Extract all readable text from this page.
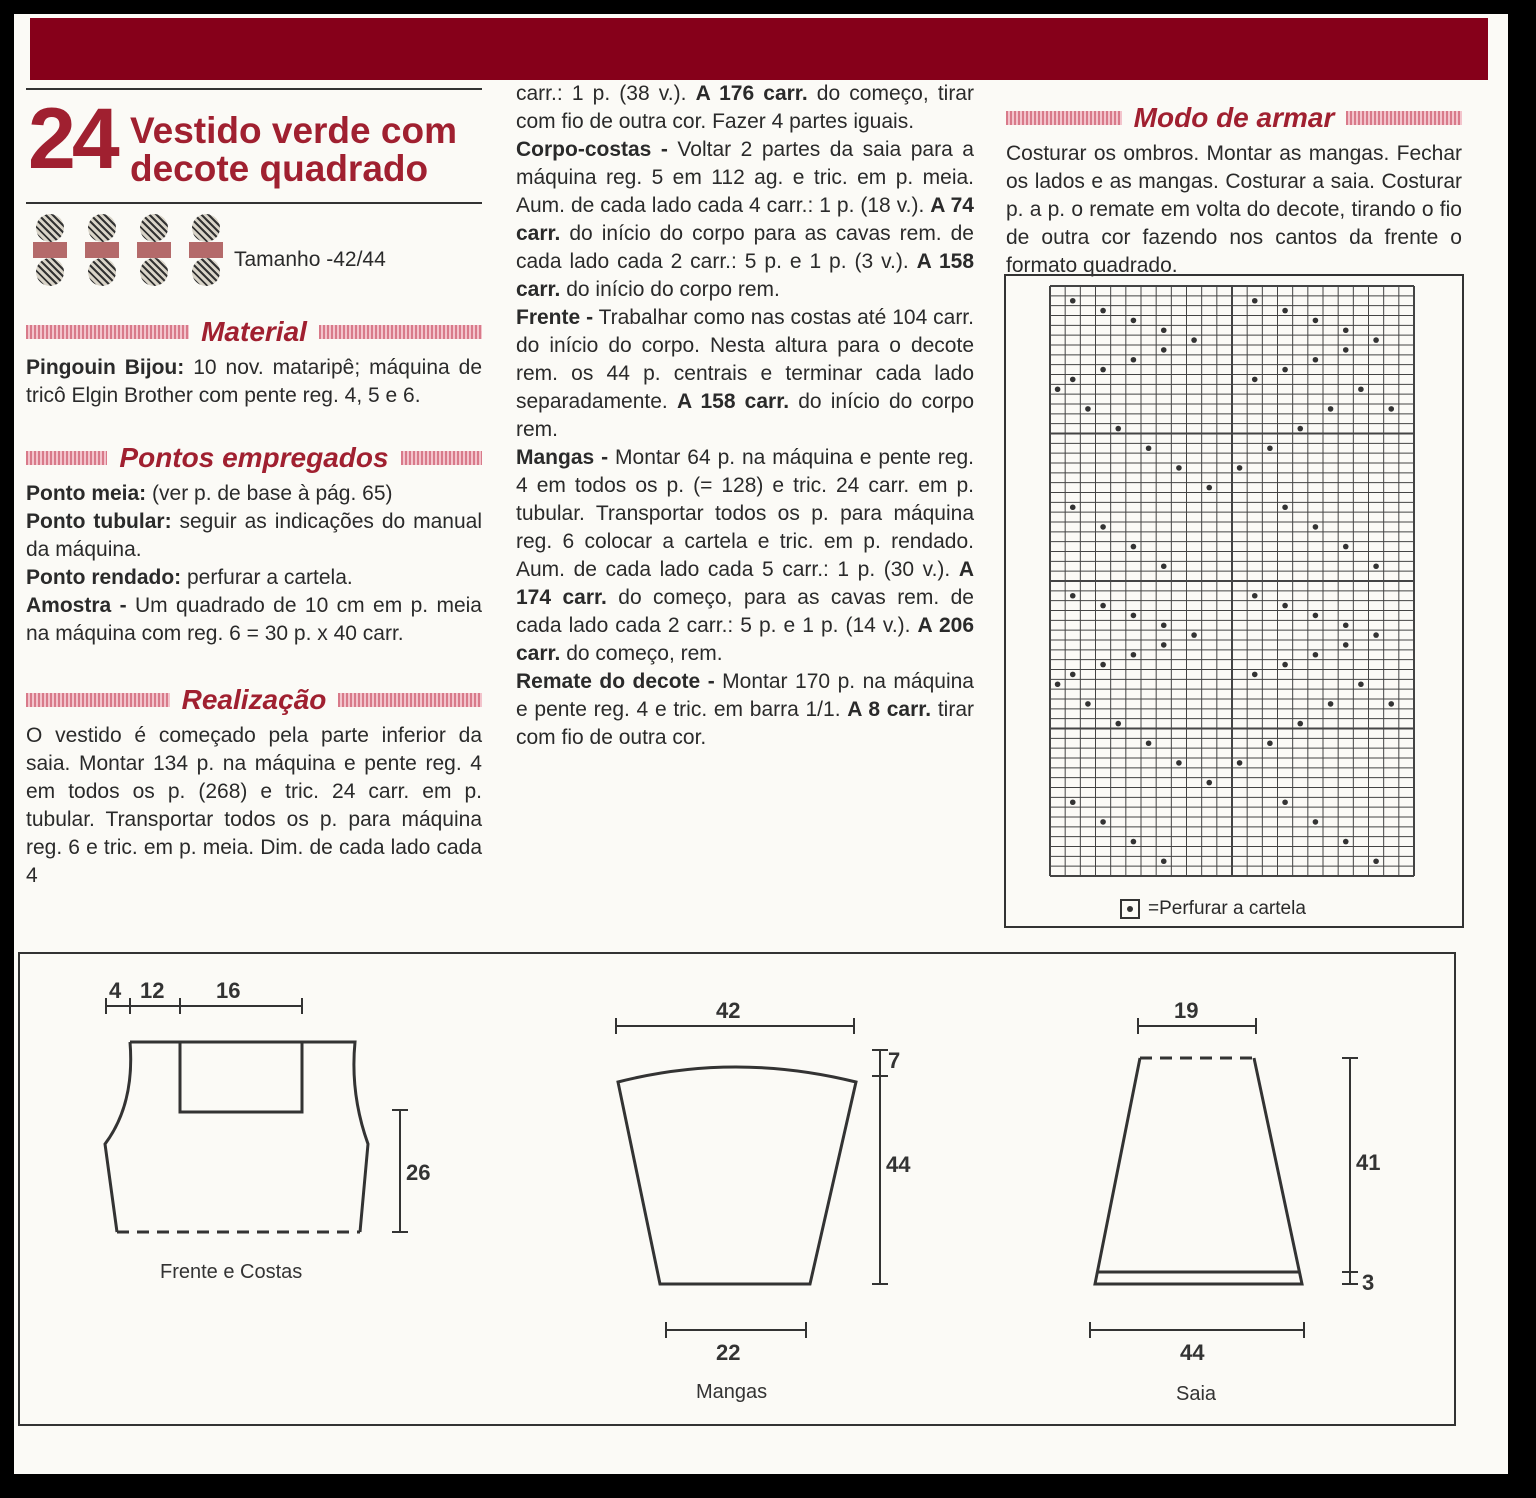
24 Vestido verde com
decote quadrado
Tamanho -42/44
Material

Pingouin Bijou: 10 nov. mataripê; máquina de tricô Elgin Brother com pente reg. 4, 5 e 6.

Pontos empregados

Ponto meia: (ver p. de base à pág. 65)

Ponto tubular: seguir as indicações do manual da máquina.

Ponto rendado: perfurar a cartela.

Amostra - Um quadrado de 10 cm em p. meia na máquina com reg. 6 = 30 p. x 40 carr.

Realização

O vestido é começado pela parte inferior da saia. Montar 134 p. na máquina e pente reg. 4 em todos os p. (268) e tric. 24 carr. em p. tubular. Transportar todos os p. para máquina reg. 6 e tric. em p. meia. Dim. de cada lado cada 4

carr.: 1 p. (38 v.). A 176 carr. do começo, tirar com fio de outra cor. Fazer 4 partes iguais.

Corpo-costas - Voltar 2 partes da saia para a máquina reg. 5 em 112 ag. e tric. em p. meia. Aum. de cada lado cada 4 carr.: 1 p. (18 v.). A 74 carr. do início do corpo para as cavas rem. de cada lado cada 2 carr.: 5 p. e 1 p. (3 v.). A 158 carr. do início do corpo rem.

Frente - Trabalhar como nas costas até 104 carr. do início do corpo. Nesta altura para o decote rem. os 44 p. centrais e terminar cada lado separadamente. A 158 carr. do início do corpo rem.

Mangas - Montar 64 p. na máquina e pente reg. 4 em todos os p. (= 128) e tric. 24 carr. em p. tubular. Transportar todos os p. para máquina reg. 6 colocar a cartela e tric. em p. rendado. Aum. de cada lado cada 5 carr.: 1 p. (30 v.). A 174 carr. do começo, para as cavas rem. de cada lado cada 2 carr.: 5 p. e 1 p. (14 v.). A 206 carr. do começo, rem.

Remate do decote - Montar 170 p. na máquina e pente reg. 4 e tric. em barra 1/1. A 8 carr. tirar com fio de outra cor.

Modo de armar

Costurar os ombros. Montar as mangas. Fechar os lados e as mangas. Costurar a saia. Costurar p. a p. o remate em volta do decote, tirando o fio de outra cor fazendo nos cantos da frente o formato quadrado.

=Perfurar a cartela
4 12 16
26
42
7
44
22
19
41
3
44
Frente e Costas
Mangas	Saia
